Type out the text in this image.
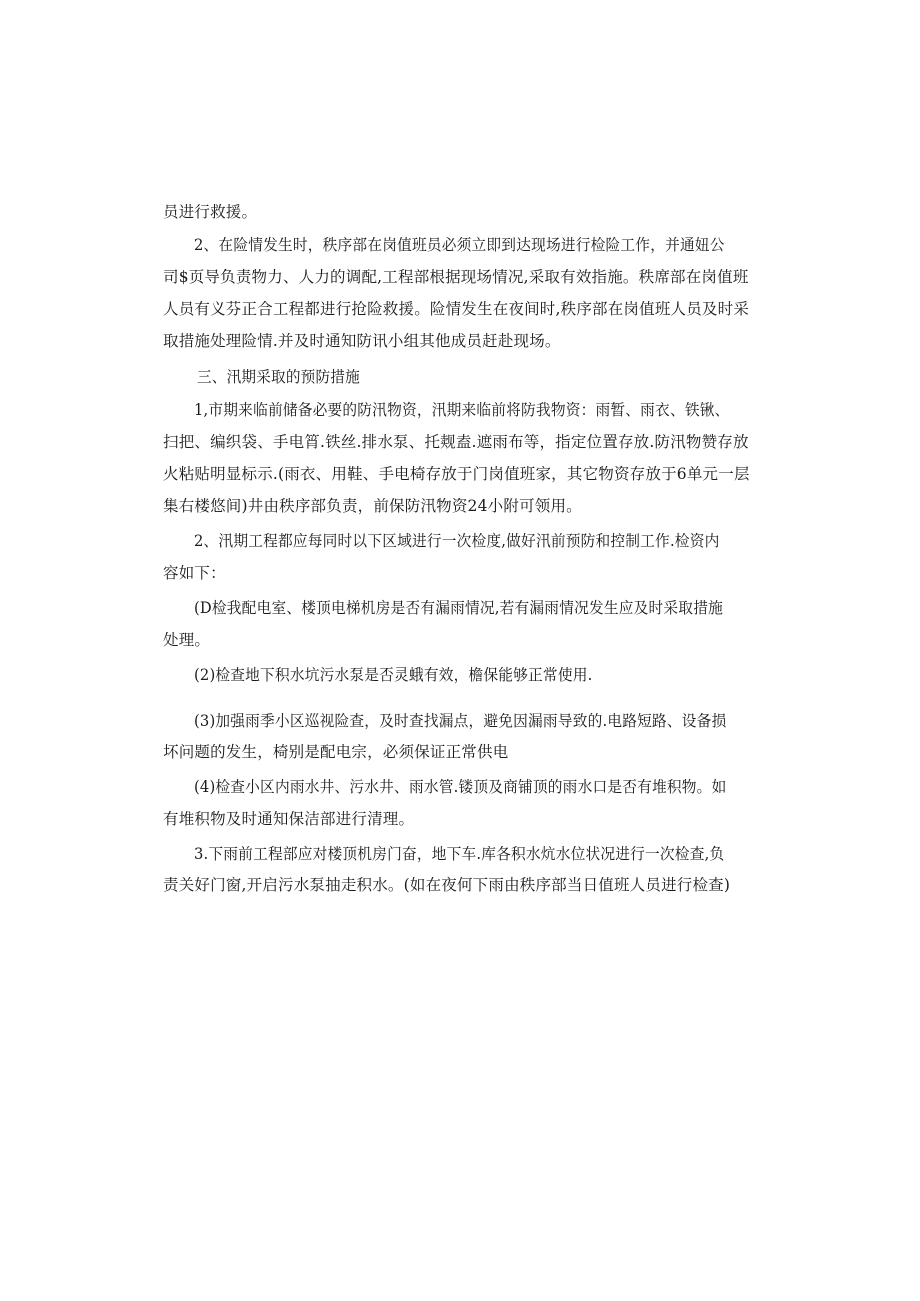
员进行救援。
2、在险情发生时，秩序部在岗值班员必须立即到达现场进行检险工作，并通妞公
司$页导负责物力、人力的调配,工程部根据现场情况,采取有效指施。秩席部在岗值班
人员有义芬正合工程都进行抢险救援。险情发生在夜间时,秩序部在岗值班人员及时采
取措施处理险情.并及时通知防讯小组其他成员赶赴现场。
三、汛期采取的预防措施
1,市期来临前储备必要的防汛物资，汛期来临前将防我物资：雨暂、雨衣、铁锹、
扫把、编织袋、手电筲.铁丝.排水泵、托觌盍.遮雨布等，指定位置存放.防汛物赞存放
火粘贴明显标示.(雨衣、用鞋、手电椅存放于门岗值班家，其它物资存放于6单元一层
集右楼悠间)井由秩序部负责，前保防汛物资24小附可领用。
2、汛期工程都应每同时以下区域进行一次检度,做好汛前预防和控制工作.检资内
容如下：
(D检我配电室、楼顶电梯机房是否有漏雨情况,若有漏雨情况发生应及时采取措施
处理。
(2)检查地下积水坑污水泵是否灵蛾有效，檐保能够正常使用.
(3)加强雨季小区巡视险查，及时查找漏点，避免因漏雨导致的.电路短路、设备损
坏问题的发生，椅别是配电宗，必须保证正常供电
(4)检查小区内雨水井、污水井、雨水管.镂顶及商铺顶的雨水口是否有堆积物。如
有堆积物及时通知保洁部进行清理。
3.下雨前工程部应对楼顶机房门奋，地下车.库各积水炕水位状况进行一次检查,负
责关好门窗,开启污水泵抽走积水。(如在夜何下雨由秩序部当日值班人员进行检查)
